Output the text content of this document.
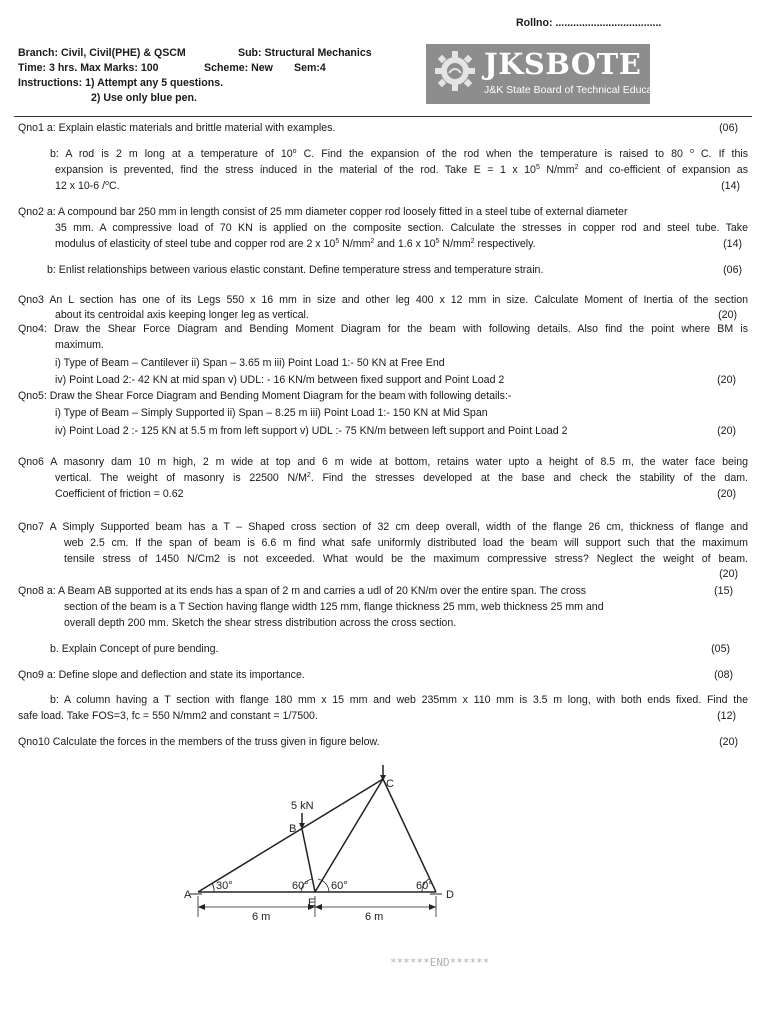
Rollno: ....................................
Branch: Civil, Civil(PHE) & QSCM	Sub: Structural Mechanics
Time: 3 hrs. Max Marks: 100	Scheme: New Sem:4
Instructions: 1) Attempt any 5 questions.
2) Use only blue pen.
JKSBOTE
J&K State Board of Technical Education
Qno1 a: Explain elastic materials and brittle material with examples.	(06)
b: A rod is 2 m long at a temperature of 10$^o$ C. Find the expansion of the rod when the temperature is raised to 80 $^o$ C. If this
expansion is prevented, find the stress induced in the material of the rod. Take E = 1 x $10^5$ $N/mm^2$ and co-efficient of expansion as
12 x 10-6 /$^o$C.	(14)
Qno2 a: A compound bar 250 mm in length consist of 25 mm diameter copper rod loosely fitted in a steel tube of external diameter
35 mm. A compressive load of 70 KN is applied on the composite section. Calculate the stresses in copper rod and steel tube. Take
modulus of elasticity of steel tube and copper rod are 2 x $10^5$ $N/mm^2$ and 1.6 x $10^5$ $N/mm^2$ respectively.	(14)
b: Enlist relationships between various elastic constant. Define temperature stress and temperature strain.	(06)
Qno3 An L section has one of its Legs 550 x 16 mm in size and other leg 400 x 12 mm in size. Calculate Moment of Inertia of the section
about its centroidal axis keeping longer leg as vertical.	(20)
Qno4: Draw the Shear Force Diagram and Bending Moment Diagram for the beam with following details. Also find the point where BM is
maximum.
i) Type of Beam – Cantilever ii) Span – 3.65 m iii) Point Load 1:- 50 KN at Free End
iv) Point Load 2:- 42 KN at mid span v) UDL: - 16 KN/m between fixed support and Point Load 2	(20)
Qno5: Draw the Shear Force Diagram and Bending Moment Diagram for the beam with following details:-
i) Type of Beam – Simply Supported ii) Span – 8.25 m iii) Point Load 1:- 150 KN at Mid Span
iv) Point Load 2 :- 125 KN at 5.5 m from left support v) UDL :- 75 KN/m between left support and Point Load 2	(20)
Qno6 A masonry dam 10 m high, 2 m wide at top and 6 m wide at bottom, retains water upto a height of 8.5 m, the water face being
vertical. The weight of masonry is 22500 $N/M^2$. Find the stresses developed at the base and check the stability of the dam.
Coefficient of friction = 0.62	(20)
Qno7 A Simply Supported beam has a T – Shaped cross section of 32 cm deep overall, width of the flange 26 cm, thickness of flange and
web 2.5 cm. If the span of beam is 6.6 m find what safe uniformly distributed load the beam will support such that the maximum
tensile stress of 1450 N/Cm2 is not exceeded. What would be the maximum compressive stress? Neglect the weight of beam.
(20)
Qno8 a: A Beam AB supported at its ends has a span of 2 m and carries a udl of 20 KN/m over the entire span. The cross	(15)
section of the beam is a T Section having flange width 125 mm, flange thickness 25 mm, web thickness 25 mm and
overall depth 200 mm. Sketch the shear stress distribution across the cross section.
b. Explain Concept of pure bending.	(05)
Qno9 a: Define slope and deflection and state its importance.	(08)
b: A column having a T section with flange 180 mm x 15 mm and web 235mm x 110 mm is 3.5 m long, with both ends fixed. Find the
safe load. Take FOS=3, fc = 550 N/mm2 and constant = 1/7500.	(12)
Qno10 Calculate the forces in the members of the truss given in figure below.	(20)
5 kN
B
C
A	D
E
30°	60° 60°	60°
6 m	6 m
******END******
